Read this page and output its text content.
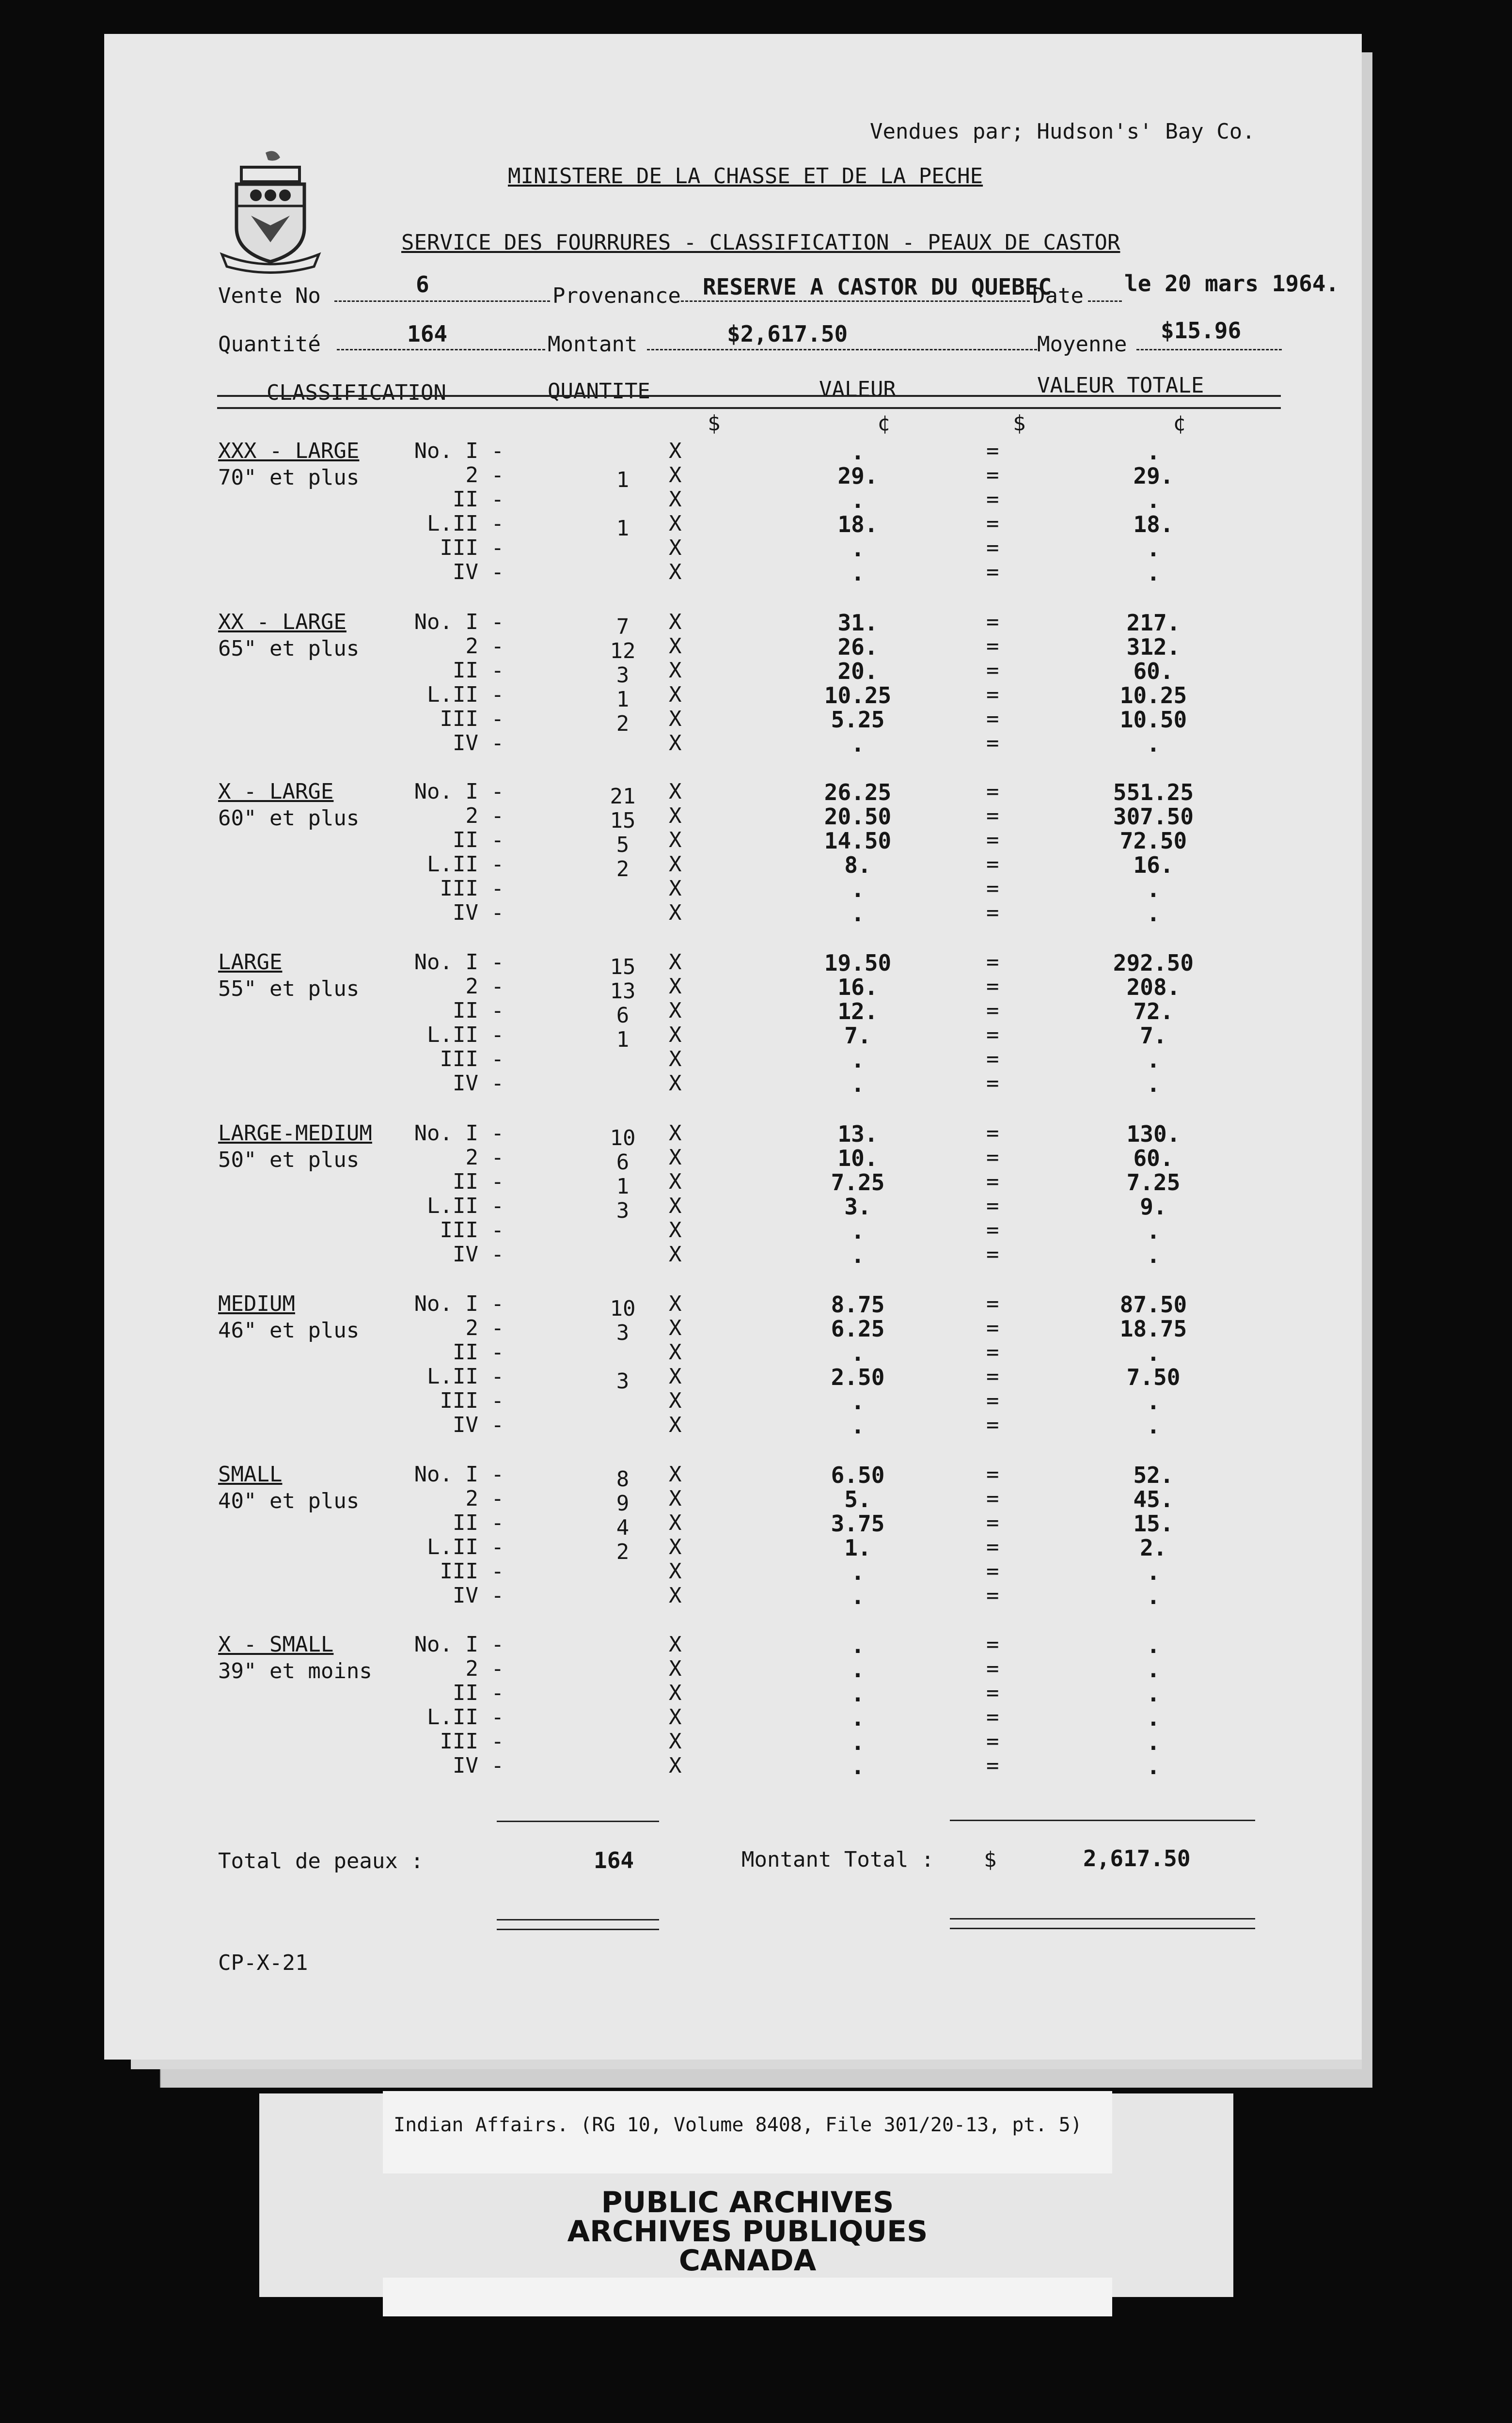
Vendues par; Hudson's' Bay Co.
MINISTERE DE LA CHASSE ET DE LA PECHE
SERVICE DES FOURRURES - CLASSIFICATION - PEAUX DE CASTOR
Vente No	6	Provenance RESERVE A CASTOR DU QUEBEC
Date le 20 mars 1964.
Quantité	164	Montant	$2,617.50	Moyenne
$15.96
CLASSIFICATION	QUANTITE	VALEUR	VALEUR TOTALE
$	¢	$	¢
XXX - LARGE
70" et plus
No. I -	X	.	=	.
2 -	1	X	29.	=	29.
II -	X	.	=	.
L.II -	1	X	18.	=	18.
III -	X	.	=	.
IV -	X	.	=	.
XX - LARGE
65" et plus
No. I -	7	X	31.	=	217.
2 -	12	X	26.	=	312.
II -	3	X	20.	=	60.
L.II -	1	X	10.25	=	10.25
III -	2	X	5.25	=	10.50
IV -	X	.	=	.
X - LARGE
60" et plus
No. I -	21	X	26.25	=	551.25
2 -	15	X	20.50	=	307.50
II -	5	X	14.50	=	72.50
L.II -	2	X	8.	=	16.
III -	X	.	=	.
IV -	X	.	=	.
LARGE
55" et plus
No. I -	15	X	19.50	=	292.50
2 -	13	X	16.	=	208.
II -	6	X	12.	=	72.
L.II -	1	X	7.	=	7.
III -	X	.	=	.
IV -	X	.	=	.
LARGE-MEDIUM
50" et plus
No. I -	10	X	13.	=	130.
2 -	6	X	10.	=	60.
II -	1	X	7.25	=	7.25
L.II -	3	X	3.	=	9.
III -	X	.	=	.
IV -	X	.	=	.
MEDIUM
46" et plus
No. I -	10	X	8.75	=	87.50
2 -	3	X	6.25	=	18.75
II -	X	.	=	.
L.II -	3	X	2.50	=	7.50
III -	X	.	=	.
IV -	X	.	=	.
SMALL
40" et plus
No. I -	8	X	6.50	=	52.
2 -	9	X	5.	=	45.
II -	4	X	3.75	=	15.
L.II -	2	X	1.	=	2.
III -	X	.	=	.
IV -	X	.	=	.
X - SMALL
39" et moins
No. I -	X	.	=	.
2 -	X	.	=	.
II -	X	.	=	.
L.II -	X	.	=	.
III -	X	.	=	.
IV -	X	.	=	.
Total de peaux :	164	Montant Total : $	2,617.50
CP-X-21
Indian Affairs. (RG 10, Volume 8408, File 301/20-13, pt. 5)
PUBLIC ARCHIVES
ARCHIVES PUBLIQUES
CANADA
